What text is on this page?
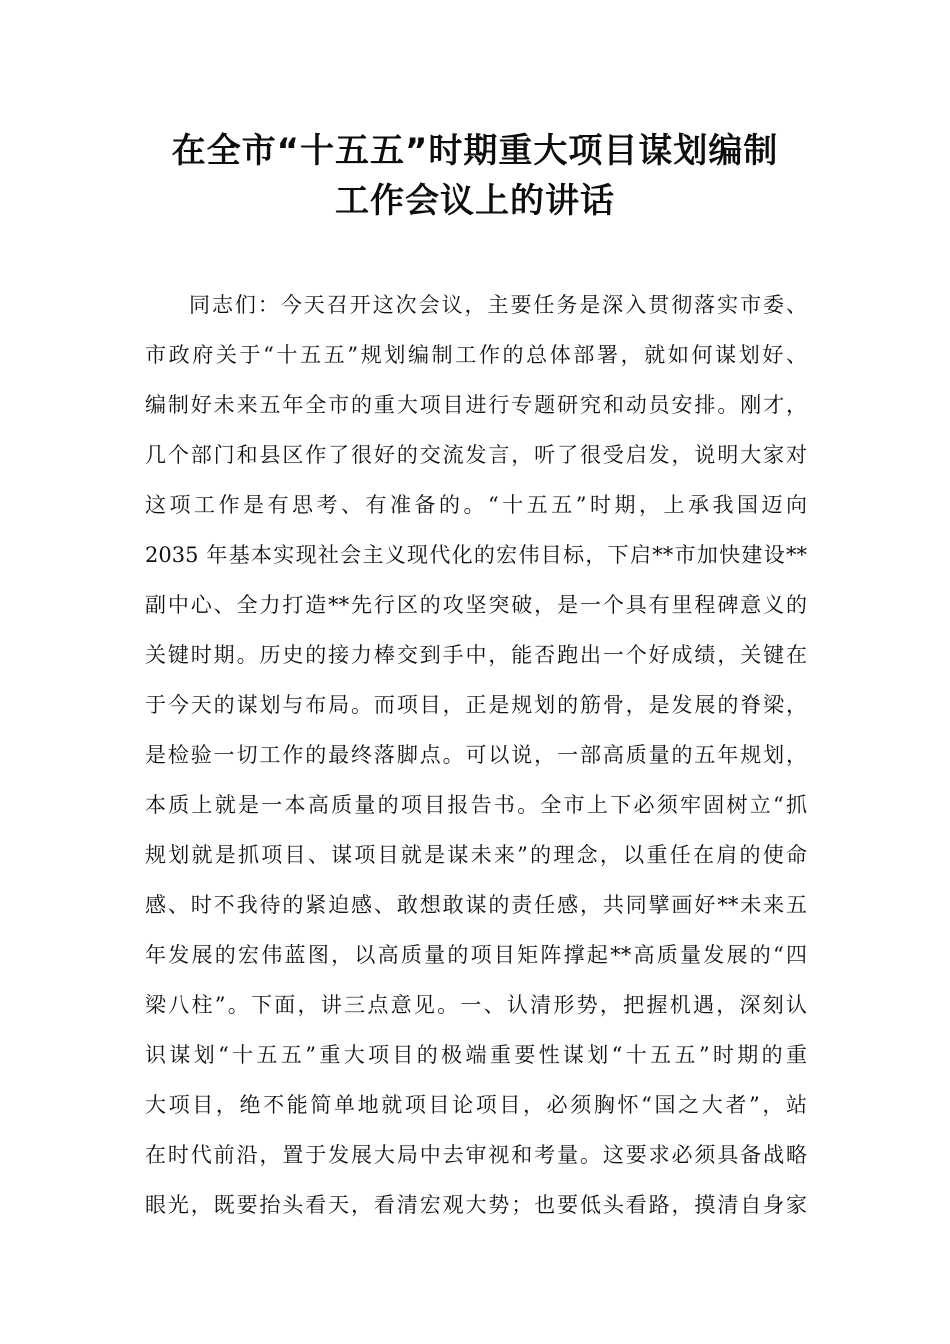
在全市“十五五”时期重大项目谋划编制
工作会议上的讲话
同志们：今天召开这次会议，主要任务是深入贯彻落实市委、
市政府关于“十五五”规划编制工作的总体部署，就如何谋划好、
编制好未来五年全市的重大项目进行专题研究和动员安排。刚才，
几个部门和县区作了很好的交流发言，听了很受启发，说明大家对
这项工作是有思考、有准备的。“十五五”时期，上承我国迈向
2035 年基本实现社会主义现代化的宏伟目标，下启**市加快建设**
副中心、全力打造**先行区的攻坚突破，是一个具有里程碑意义的
关键时期。历史的接力棒交到手中，能否跑出一个好成绩，关键在
于今天的谋划与布局。而项目，正是规划的筋骨，是发展的脊梁，
是检验一切工作的最终落脚点。可以说，一部高质量的五年规划，
本质上就是一本高质量的项目报告书。全市上下必须牢固树立“抓
规划就是抓项目、谋项目就是谋未来”的理念，以重任在肩的使命
感、时不我待的紧迫感、敢想敢谋的责任感，共同擘画好**未来五
年发展的宏伟蓝图，以高质量的项目矩阵撑起**高质量发展的“四
梁八柱”。下面，讲三点意见。一、认清形势，把握机遇，深刻认
识谋划“十五五”重大项目的极端重要性谋划“十五五”时期的重
大项目，绝不能简单地就项目论项目，必须胸怀“国之大者”，站
在时代前沿，置于发展大局中去审视和考量。这要求必须具备战略
眼光，既要抬头看天，看清宏观大势；也要低头看路，摸清自身家
